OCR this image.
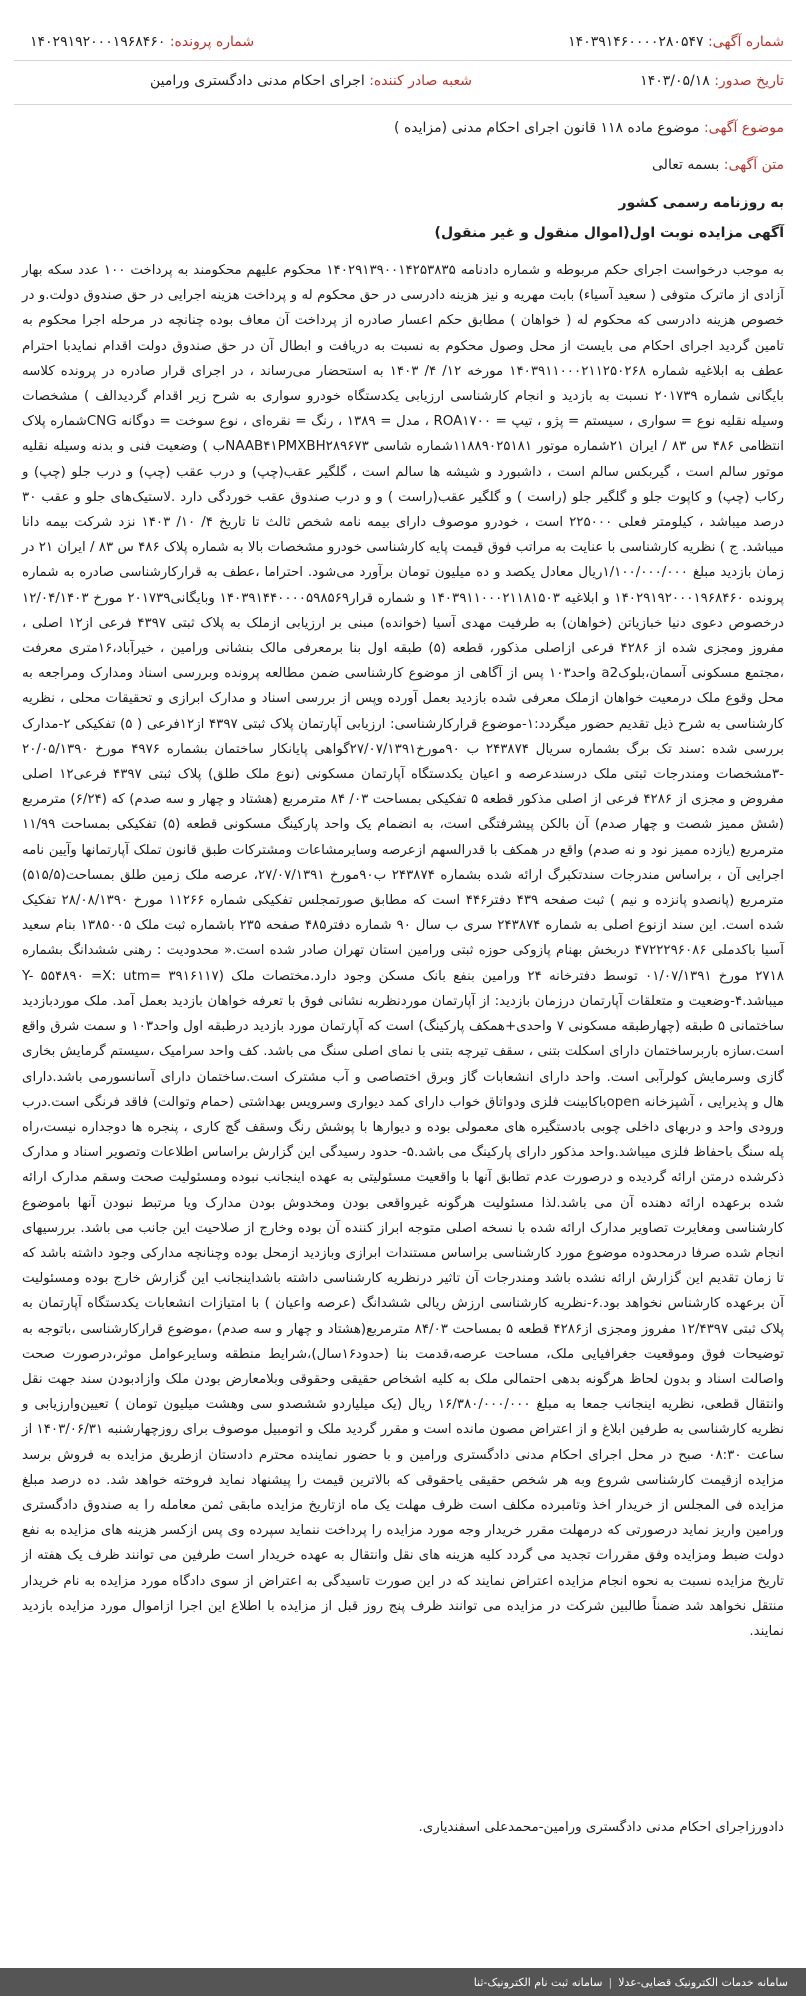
شماره آگهی: ۱۴۰۳۹۱۴۶۰۰۰۰۲۸۰۵۴۷
شماره پرونده: ۱۴۰۲۹۱۹۲۰۰۰۱۹۶۸۴۶۰
تاریخ صدور: ۱۴۰۳/۰۵/۱۸
شعبه صادر کننده: اجرای احکام مدنی دادگستری ورامین
موضوع آگهی: موضوع ماده ۱۱۸ قانون اجرای احکام مدنی (مزایده )
متن آگهی: بسمه تعالی
به روزنامه رسمی کشور
آگهی مزایده نوبت اول(اموال منقول و غیر منقول)
به موجب درخواست اجرای حکم مربوطه و شماره دادنامه ۱۴۰۲۹۱۳۹۰۰۱۴۲۵۳۸۳۵ محکوم علیهم محکومند به پرداخت ۱۰۰ عدد سکه بهار آزادی از ماترک متوفی ( سعید آسیاء) بابت مهریه و نیز هزینه دادرسی در حق محکوم له و پرداخت هزینه اجرایی در حق صندوق دولت.و در خصوص هزینه دادرسی که محکوم له ( خواهان ) مطابق حکم اعسار صادره از پرداخت آن معاف بوده چنانچه در مرحله اجرا محکوم به تامین گردید اجرای احکام می بایست از محل وصول محکوم به نسبت به دریافت و ابطال آن در حق صندوق دولت اقدام نمایدبا احترام عطف به ابلاغیه شماره ۱۴۰۳۹۱۱۰۰۰۲۱۱۲۵۰۲۶۸ مورخه ۱۲/ ۴/ ۱۴۰۳ به استحضار می‌رساند ، در اجرای قرار صادره در پرونده کلاسه بایگانی شماره ۲۰۱۷۳۹ نسبت به بازدید و انجام کارشناسی ارزیابی یکدستگاه خودرو سواری به شرح زیر اقدام گردیدالف ) مشخصات وسیله نقلیه نوع = سواری ، سیستم = پژو ، تیپ = ROA۱۷۰۰ ، مدل = ۱۳۸۹ ، رنگ = نقره‌ای ، نوع سوخت = دوگانه CNGشماره پلاک انتظامی ۴۸۶ س ۸۳ / ایران ۲۱شماره موتور ۱۱۸۸۹۰۲۵۱۸۱شماره شاسی NAAB۴۱PMXBH۲۸۹۶۷۳ب ) وضعیت فنی و بدنه وسیله نقلیه موتور سالم است ، گیربکس سالم است ، داشبورد و شیشه ها سالم است ، گلگیر عقب(چپ) و درب عقب (چپ) و درب جلو (چپ) و رکاب (چپ) و کاپوت جلو و گلگیر جلو (راست ) و گلگیر عقب(راست ) و و درب صندوق عقب خوردگی دارد .لاستیک‌های جلو و عقب ۳۰ درصد میباشد ، کیلومتر فعلی ۲۲۵۰۰۰ است ، خودرو موصوف دارای بیمه نامه شخص ثالث تا تاریخ ۴/ ۱۰/ ۱۴۰۳ نزد شرکت بیمه دانا میباشد. ج ) نظریه کارشناسی با عنایت به مراتب فوق قیمت پایه کارشناسی خودرو مشخصات بالا به شماره پلاک ۴۸۶ س ۸۳ / ایران ۲۱ در زمان بازدید مبلغ ۱/۱۰۰/۰۰۰/۰۰۰ریال معادل یکصد و ده میلیون تومان برآورد می‌شود. احتراما ،عطف به قرارکارشناسی صادره به شماره پرونده ۱۴۰۲۹۱۹۲۰۰۰۱۹۶۸۴۶۰ و ابلاغیه ۱۴۰۳۹۱۱۰۰۰۲۱۱۸۱۵۰۳ و شماره قرار۱۴۰۳۹۱۴۴۰۰۰۰۵۹۸۵۶۹ وبایگانی۲۰۱۷۳۹ مورخ ۱۲/۰۴/۱۴۰۳ درخصوص دعوی دنیا خبازیاتن (خواهان) به طرفیت مهدی آسیا (خوانده) مبنی بر ارزیابی ازملک به پلاک ثبتی ۴۳۹۷ فرعی از۱۲ اصلی ، مفروز ومجزی شده از ۴۲۸۶ فرعی ازاصلی مذکور، قطعه (۵) طبقه اول بنا برمعرفی مالک بنشانی ورامین ، خیرآباد،۱۶متری معرفت ،مجتمع مسکونی آسمان،بلوکa2 واحد۱۰۳ پس از آگاهی از موضوع کارشناسی ضمن مطالعه پرونده وبررسی اسناد ومدارک ومراجعه به محل وقوع ملک درمعیت خواهان ازملک معرفی شده بازدید بعمل آورده وپس از بررسی اسناد و مدارک ابرازی و تحقیقات محلی ، نظریه کارشناسی به شرح ذیل تقدیم حضور میگردد:۱-موضوع قرارکارشناسی: ارزیابی آپارتمان پلاک ثبتی ۴۳۹۷ از۱۲فرعی ( ۵) تفکیکی ۲-مدارک بررسی شده :سند تک برگ بشماره سریال ۲۴۳۸۷۴ ب ۹۰مورخ۲۷/۰۷/۱۳۹۱گواهی پایانکار ساختمان بشماره ۴۹۷۶ مورخ ۲۰/۰۵/۱۳۹۰ -۳مشخصات ومندرجات ثبتی ملک درسندعرصه و اعیان یکدستگاه آپارتمان مسکونی (نوع ملک طلق) پلاک ثبتی ۴۳۹۷ فرعی۱۲ اصلی مفروض و مجزی از ۴۲۸۶ فرعی از اصلی مذکور قطعه ۵ تفکیکی بمساحت ۰۳/ ۸۴ مترمربع (هشتاد و چهار و سه صدم) که (۶/۲۴) مترمربع (شش ممیز شصت و چهار صدم) آن بالکن پیشرفتگی است، به انضمام یک واحد پارکینگ مسکونی قطعه (۵) تفکیکی بمساحت ۱۱/۹۹ مترمربع (یازده ممیز نود و نه صدم) واقع در همکف با قدرالسهم ازعرصه وسایرمشاعات ومشترکات طبق قانون تملک آپارتمانها وآیین نامه اجرایی آن ، براساس مندرجات سندتکبرگ ارائه شده بشماره ۲۴۳۸۷۴ ب۹۰مورخ ۲۷/۰۷/۱۳۹۱، عرصه ملک زمین طلق بمساحت(۵۱۵/۵) مترمربع (پانصدو پانزده و نیم ) ثبت صفحه ۴۳۹ دفتر۴۴۶ است که مطابق صورتمجلس تفکیکی شماره ۱۱۲۶۶ مورخ ۲۸/۰۸/۱۳۹۰ تفکیک شده است. این سند ازنوع اصلی به شماره ۲۴۳۸۷۴ سری ب سال ۹۰ شماره دفتر۴۸۵ صفحه ۲۳۵ باشماره ثبت ملک ۱۳۸۵۰۰۵ بنام سعید آسیا باکدملی ۴۷۲۲۲۹۶۰۸۶ دربخش بهنام پازوکی حوزه ثبتی ورامین استان تهران صادر شده است.« محدودیت : رهنی ششدانگ بشماره ۲۷۱۸ مورخ ۰۱/۰۷/۱۳۹۱ توسط دفترخانه ۲۴ ورامین بنفع بانک مسکن وجود دارد.مختصات ملک (۳۹۱۶۱۱۷ =Y- ۵۵۴۸۹۰ =X: utm میباشد.۴-وضعیت و متعلقات آپارتمان درزمان بازدید: از آپارتمان موردنظربه نشانی فوق با تعرفه خواهان بازدید بعمل آمد. ملک موردبازدید ساختمانی ۵ طبقه (چهارطبقه مسکونی ۷ واحدی+همکف پارکینگ) است که آپارتمان مورد بازدید درطبقه اول واحد۱۰۳ و سمت شرق واقع است.سازه باربرساختمان دارای اسکلت بتنی ، سقف تیرچه بتنی با نمای اصلی سنگ می باشد. کف واحد سرامیک ،سیستم گرمایش بخاری گازی وسرمایش کولرآبی است. واحد دارای انشعابات گاز وبرق اختصاصی و آب مشترک است.ساختمان دارای آسانسورمی باشد.دارای هال و پذیرایی ، آشپزخانه openباکابینت فلزی ودواتاق خواب دارای کمد دیواری وسرویس بهداشتی (حمام وتوالت) فاقد فرنگی است.درب ورودی واحد و دربهای داخلی چوبی بادستگیره های معمولی بوده و دیوارها با پوشش رنگ وسقف گچ کاری ، پنجره ها دوجداره نیست،راه پله سنگ باحفاظ فلزی میباشد.واحد مذکور دارای پارکینگ می باشد.۵- حدود رسیدگی این گزارش براساس اطلاعات وتصویر اسناد و مدارک ذکرشده درمتن ارائه گردیده و درصورت عدم تطابق آنها با واقعیت مسئولیتی به عهده اینجانب نبوده ومسئولیت صحت وسقم مدارک ارائه شده برعهده ارائه دهنده آن می باشد.لذا مسئولیت هرگونه غیرواقعی بودن ومخدوش بودن مدارک ویا مرتبط نبودن آنها باموضوع کارشناسی ومغایرت تصاویر مدارک ارائه شده با نسخه اصلی متوجه ابراز کننده آن بوده وخارج از صلاحیت این جانب می باشد. بررسیهای انجام شده صرفا درمحدوده موضوع مورد کارشناسی براساس مستندات ابرازی وبازدید ازمحل بوده وچنانچه مدارکی وجود داشته باشد که تا زمان تقدیم این گزارش ارائه نشده باشد ومندرجات آن تاثیر درنظریه کارشناسی داشته باشداینجانب این گزارش خارج بوده ومسئولیت آن برعهده کارشناس نخواهد بود.۶-نظریه کارشناسی ارزش ریالی ششدانگ (عرصه واعیان ) با امتیازات انشعابات یکدستگاه آپارتمان به پلاک ثبتی ۱۲/۴۳۹۷ مفروز ومجزی از۴۲۸۶ قطعه ۵ بمساحت ۸۴/۰۳ مترمربع(هشتاد و چهار و سه صدم) ،موضوع قرارکارشناسی ،باتوجه به توضیحات فوق وموقعیت جغرافیایی ملک، مساحت عرصه،قدمت بنا (حدود۱۶سال)،شرایط منطقه وسایرعوامل موثر،درصورت صحت واصالت اسناد و بدون لحاظ هرگونه بدهی احتمالی ملک به کلیه اشخاص حقیقی وحقوقی وبلامعارض بودن ملک وازادبودن سند جهت نقل وانتقال قطعی، نظریه اینجانب جمعا به مبلغ ۱۶/۳۸۰/۰۰۰/۰۰۰ ریال (یک میلیاردو ششصدو سی وهشت میلیون تومان ) تعیین‌وارزیابی و نظریه کارشناسی به طرفین ابلاغ و از اعتراض مصون مانده است و مقرر گردید ملک و اتومبیل موصوف برای روزچهارشنبه ۱۴۰۳/۰۶/۳۱ از ساعت ۰۸:۳۰ صبح در محل اجرای احکام مدنی دادگستری ورامین و با حضور نماینده محترم دادستان ازطریق مزایده به فروش برسد مزایده ازقیمت کارشناسی شروع وبه هر شخص حقیقی یاحقوقی که بالاترین قیمت را پیشنهاد نماید فروخته خواهد شد. ده درصد مبلغ مزایده فی المجلس از خریدار اخذ وتامبرده مکلف است ظرف مهلت یک ماه ازتاریخ مزایده مابقی ثمن معامله را به صندوق دادگستری ورامین واریز نماید درصورتی که درمهلت مقرر خریدار وجه مورد مزایده را پرداخت ننماید سپرده وی پس ازکسر هزینه های مزایده به نفع دولت ضبط ومزایده وفق مقررات تجدید می گردد کلیه هزینه های نقل وانتقال به عهده خریدار است طرفین می توانند ظرف یک هفته از تاریخ مزایده نسبت به نحوه انجام مزایده اعتراض نمایند که در این صورت تاسیدگی به اعتراض از سوی دادگاه مورد مزایده به نام خریدار منتقل نخواهد شد ضمناً طالبین شرکت در مزایده می توانند ظرف پنج روز قبل از مزایده با اطلاع این اجرا ازاموال مورد مزایده بازدید نمایند.
دادورزاجرای احکام مدنی دادگستری ورامین-محمدعلی اسفندیاری.
سامانه خدمات الکترونیک قضایی-عدلا
|
سامانه ثبت نام الکترونیک-ثنا
